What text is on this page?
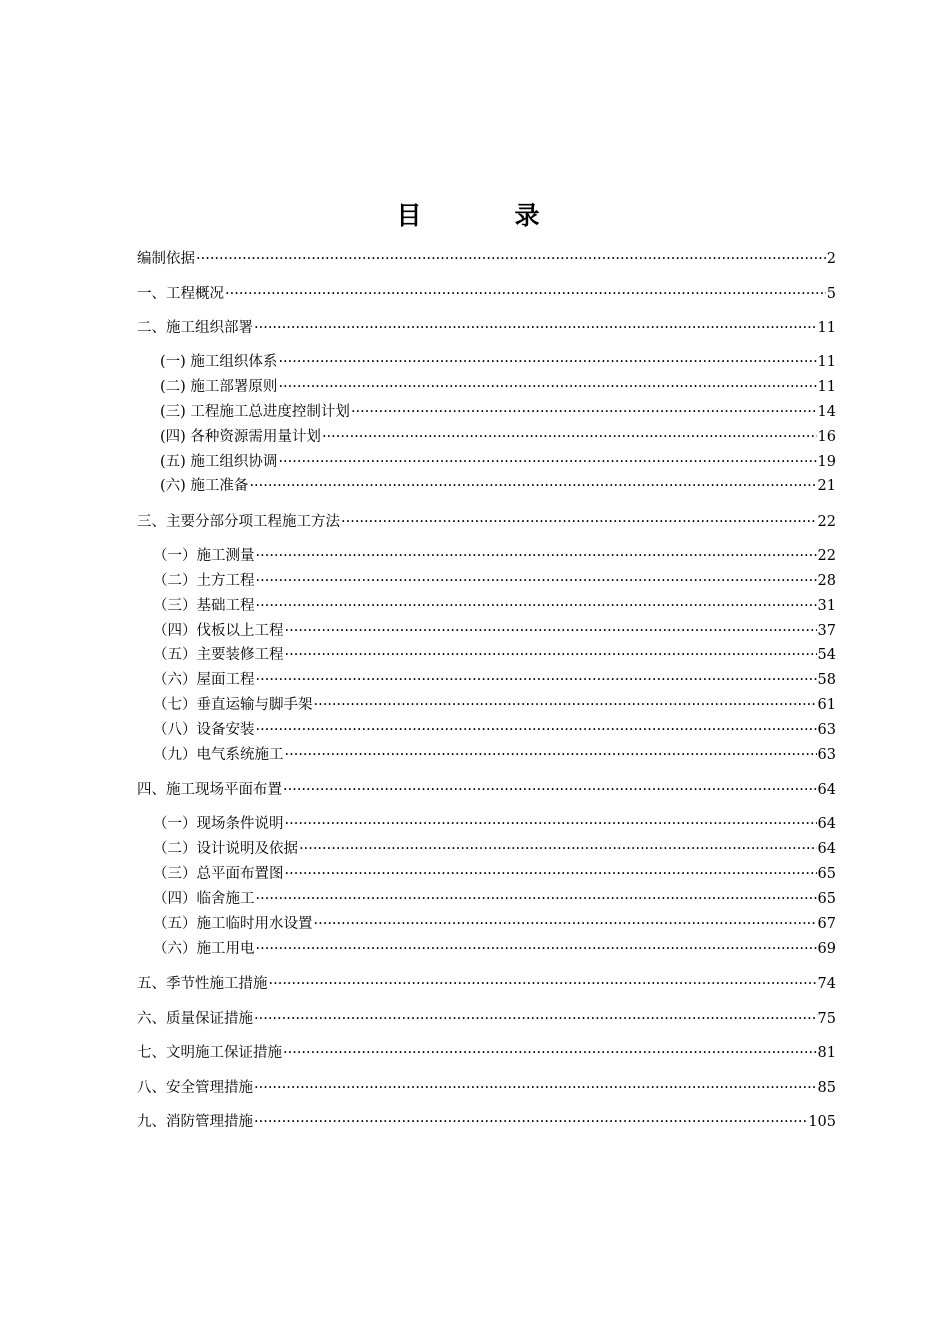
目　录
编制依据 ·····	2
一、工程概况 ·····	5
二、施工组织部署 ·····	11
(一) 施工组织体系 ·····	11
(二) 施工部署原则 ·····	11
(三) 工程施工总进度控制计划 ·····	14
(四) 各种资源需用量计划 ·····	16
(五) 施工组织协调 ·····	19
(六) 施工准备 ·····	21
三、主要分部分项工程施工方法 ·····	22
（一）施工测量 ·····	22
（二）土方工程 ·····	28
（三）基础工程 ·····	31
（四）伐板以上工程 ·····	37
（五）主要装修工程 ·····	54
（六）屋面工程 ·····	58
（七）垂直运输与脚手架 ·····	61
（八）设备安装 ·····	63
（九）电气系统施工 ·····	63
四、施工现场平面布置 ·····	64
（一）现场条件说明 ·····	64
（二）设计说明及依据 ·····	64
（三）总平面布置图 ·····	65
（四）临舍施工 ·····	65
（五）施工临时用水设置 ·····	67
（六）施工用电 ·····	69
五、季节性施工措施 ·····	74
六、质量保证措施 ·····	75
七、文明施工保证措施 ·····	81
八、安全管理措施 ·····	85
九、消防管理措施 ·····	105
